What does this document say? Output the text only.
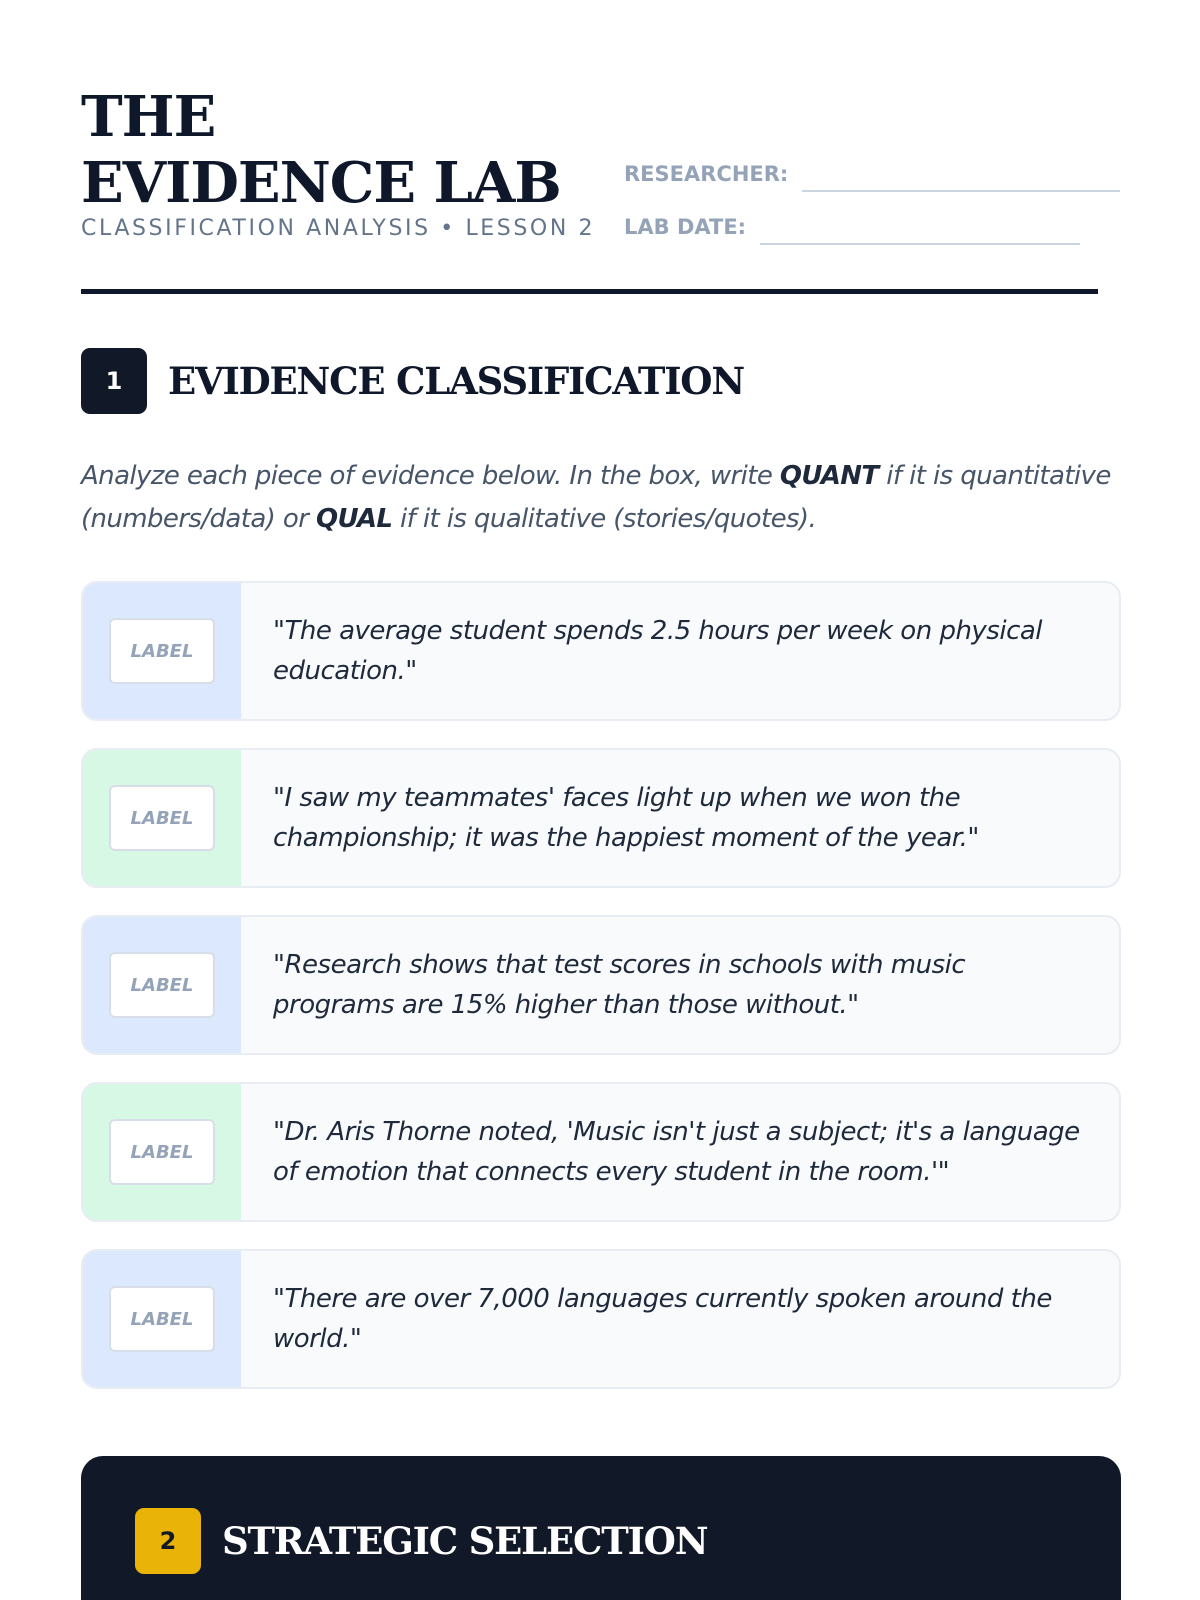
THE EVIDENCE LAB
CLASSIFICATION ANALYSIS • LESSON 2
RESEARCHER:
LAB DATE:
1	EVIDENCE CLASSIFICATION

Analyze each piece of evidence below. In the box, write QUANT if it is quantitative (numbers/data) or QUAL if it is qualitative (stories/quotes).

LABEL
"The average student spends 2.5 hours per week on physical education."
LABEL
"I saw my teammates' faces light up when we won the championship; it was the happiest moment of the year."
LABEL
"Research shows that test scores in schools with music programs are 15% higher than those without."
LABEL
"Dr. Aris Thorne noted, 'Music isn't just a subject; it's a language of emotion that connects every student in the room.'"
LABEL
"There are over 7,000 languages currently spoken around the world."
2	STRATEGIC SELECTION
